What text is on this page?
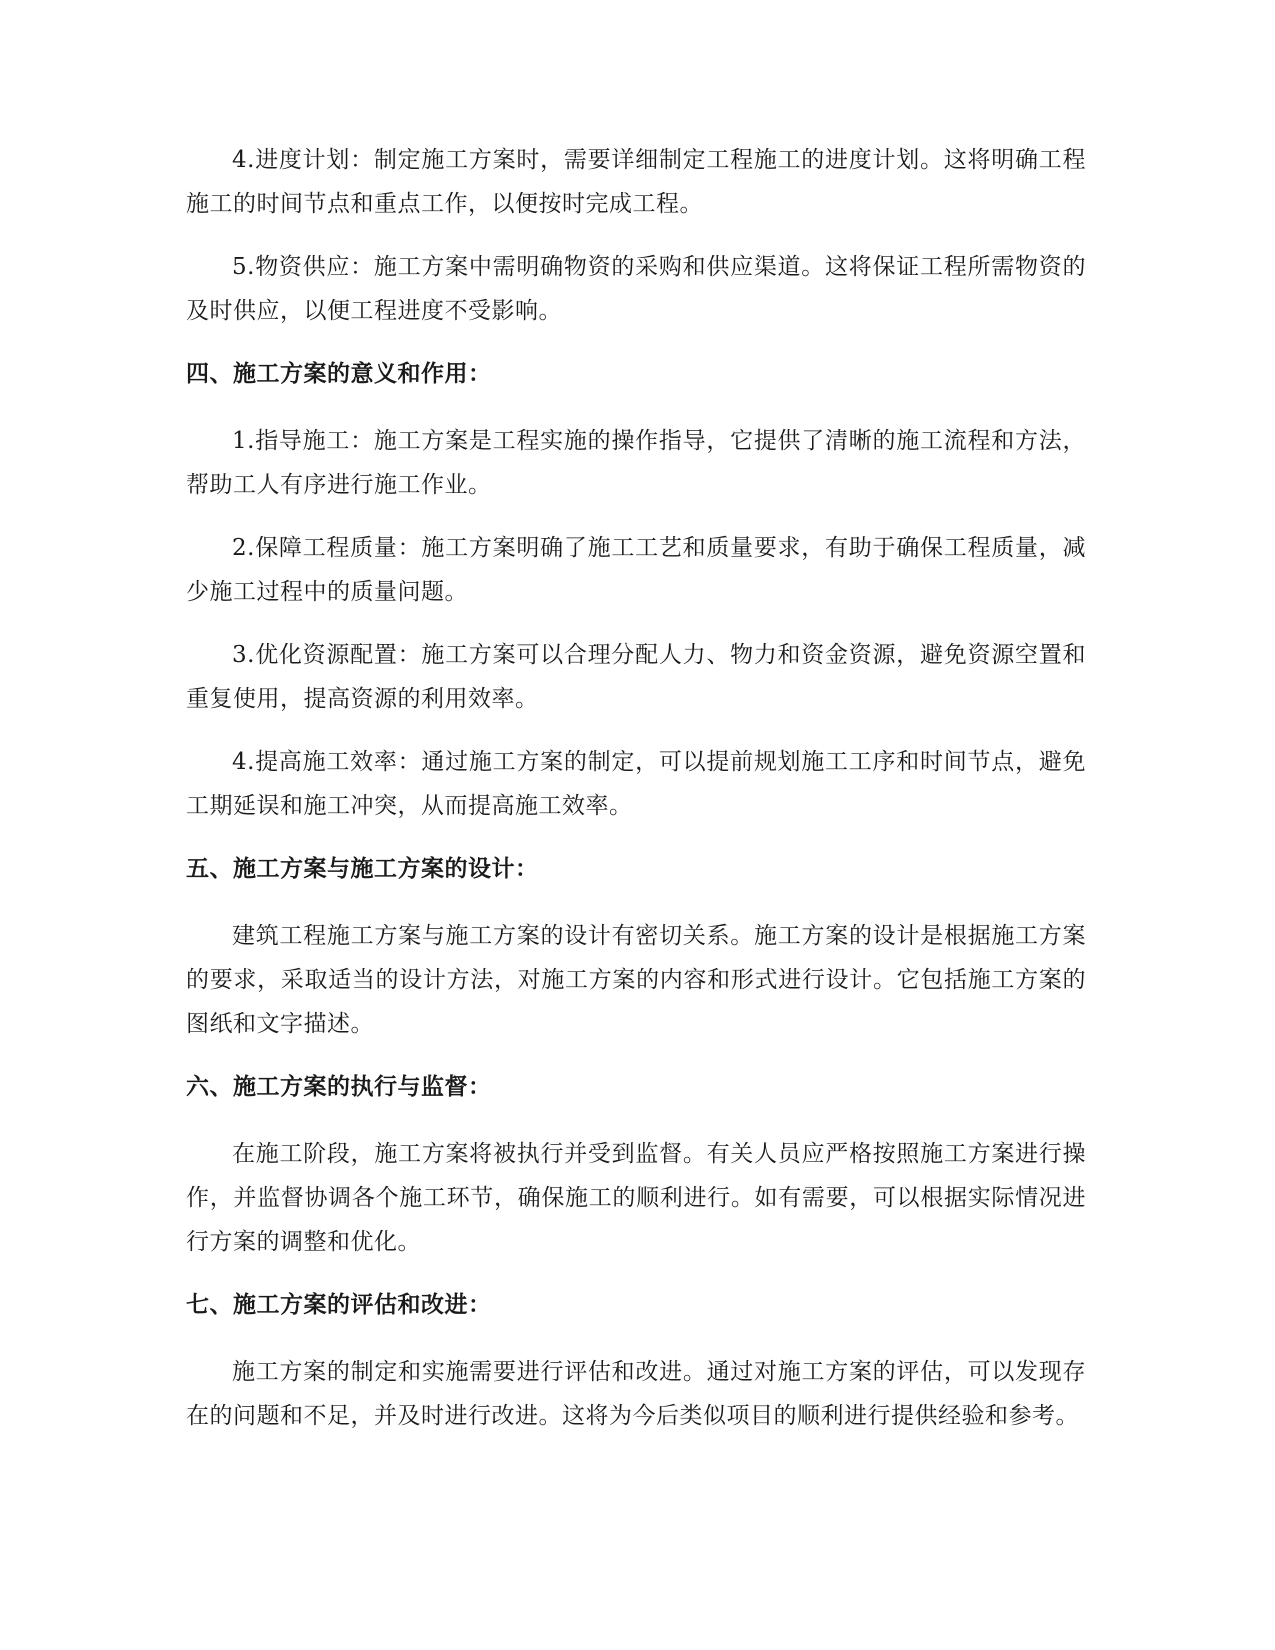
4.进度计划：制定施工方案时，需要详细制定工程施工的进度计划。这将明确工程施工的时间节点和重点工作，以便按时完成工程。

5.物资供应：施工方案中需明确物资的采购和供应渠道。这将保证工程所需物资的及时供应，以便工程进度不受影响。

四、施工方案的意义和作用：

1.指导施工：施工方案是工程实施的操作指导，它提供了清晰的施工流程和方法，帮助工人有序进行施工作业。

2.保障工程质量：施工方案明确了施工工艺和质量要求，有助于确保工程质量，减少施工过程中的质量问题。

3.优化资源配置：施工方案可以合理分配人力、物力和资金资源，避免资源空置和重复使用，提高资源的利用效率。

4.提高施工效率：通过施工方案的制定，可以提前规划施工工序和时间节点，避免工期延误和施工冲突，从而提高施工效率。

五、施工方案与施工方案的设计：

建筑工程施工方案与施工方案的设计有密切关系。施工方案的设计是根据施工方案的要求，采取适当的设计方法，对施工方案的内容和形式进行设计。它包括施工方案的图纸和文字描述。

六、施工方案的执行与监督：

在施工阶段，施工方案将被执行并受到监督。有关人员应严格按照施工方案进行操作，并监督协调各个施工环节，确保施工的顺利进行。如有需要，可以根据实际情况进行方案的调整和优化。

七、施工方案的评估和改进：

施工方案的制定和实施需要进行评估和改进。通过对施工方案的评估，可以发现存在的问题和不足，并及时进行改进。这将为今后类似项目的顺利进行提供经验和参考。
